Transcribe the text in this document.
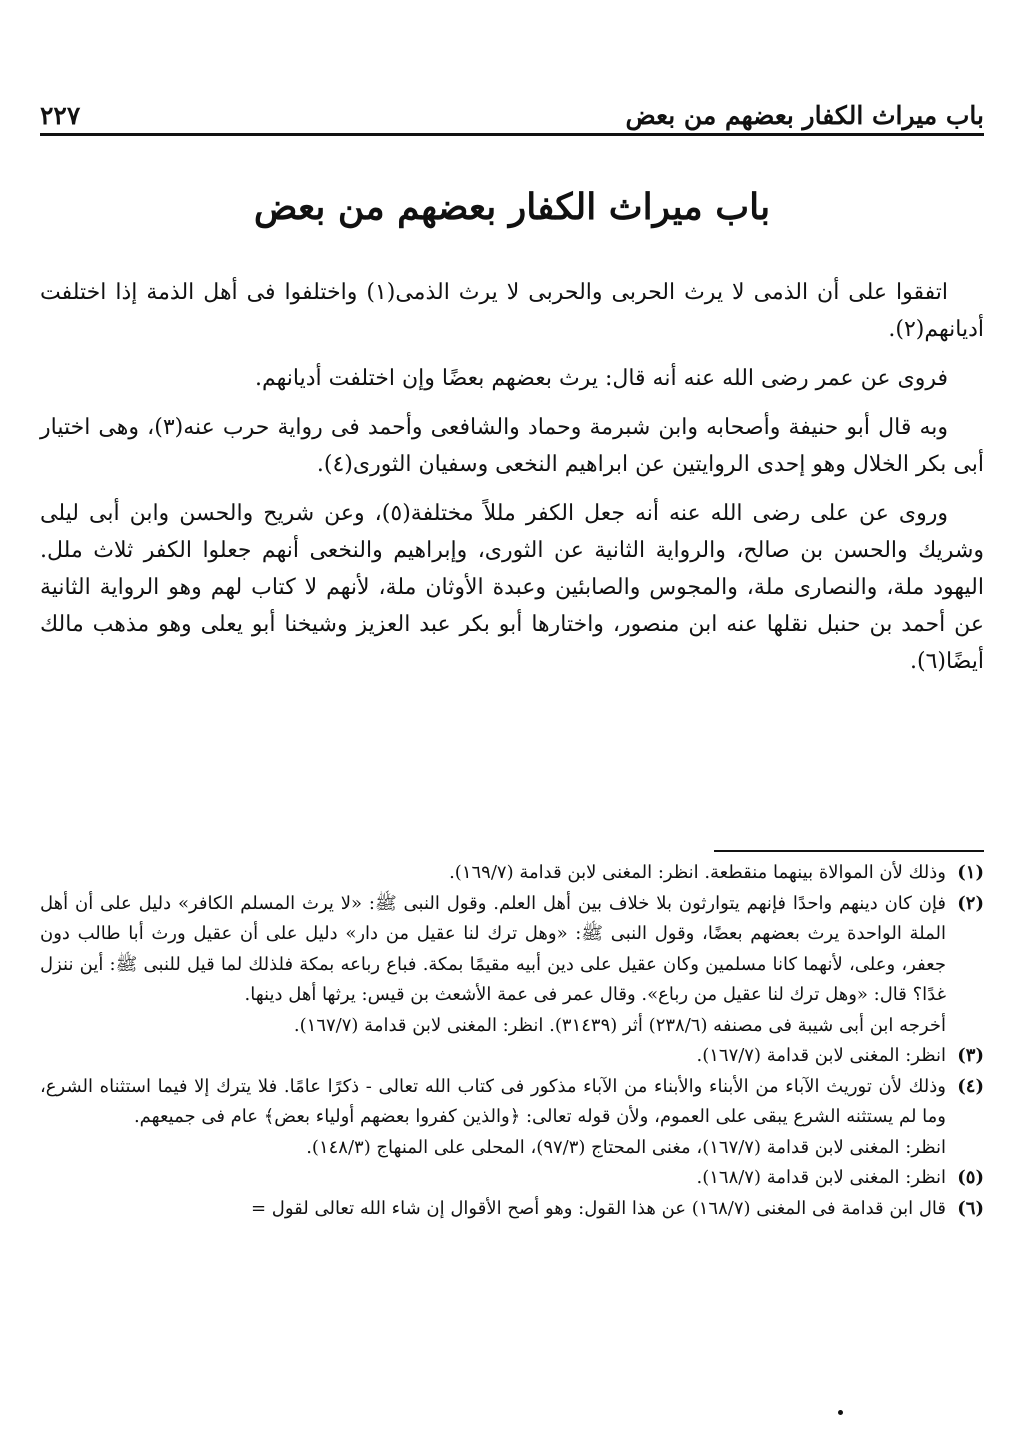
باب ميراث الكفار بعضهم من بعض
٢٢٧
باب ميراث الكفار بعضهم من بعض

اتفقوا على أن الذمى لا يرث الحربى والحربى لا يرث الذمى(١) واختلفوا فى أهل الذمة إذا اختلفت أديانهم(٢).

فروى عن عمر رضى الله عنه أنه قال: يرث بعضهم بعضًا وإن اختلفت أديانهم.

وبه قال أبو حنيفة وأصحابه وابن شبرمة وحماد والشافعى وأحمد فى رواية حرب عنه(٣)، وهى اختيار أبى بكر الخلال وهو إحدى الروايتين عن ابراهيم النخعى وسفيان الثورى(٤).

وروى عن على رضى الله عنه أنه جعل الكفر مللاً مختلفة(٥)، وعن شريح والحسن وابن أبى ليلى وشريك والحسن بن صالح، والرواية الثانية عن الثورى، وإبراهيم والنخعى أنهم جعلوا الكفر ثلاث ملل. اليهود ملة، والنصارى ملة، والمجوس والصابئين وعبدة الأوثان ملة، لأنهم لا كتاب لهم وهو الرواية الثانية عن أحمد بن حنبل نقلها عنه ابن منصور، واختارها أبو بكر عبد العزيز وشيخنا أبو يعلى وهو مذهب مالك أيضًا(٦).

(١)
وذلك لأن الموالاة بينهما منقطعة. انظر: المغنى لابن قدامة (١٦٩/٧).
(٢)
فإن كان دينهم واحدًا فإنهم يتوارثون بلا خلاف بين أهل العلم. وقول النبى ﷺ: «لا يرث المسلم الكافر» دليل على أن أهل الملة الواحدة يرث بعضهم بعضًا، وقول النبى ﷺ: «وهل ترك لنا عقيل من دار» دليل على أن عقيل ورث أبا طالب دون جعفر، وعلى، لأنهما كانا مسلمين وكان عقيل على دين أبيه مقيمًا بمكة. فباع رباعه بمكة فلذلك لما قيل للنبى ﷺ: أين ننزل غدًا؟ قال: «وهل ترك لنا عقيل من رباع». وقال عمر فى عمة الأشعث بن قيس: يرثها أهل دينها.
أخرجه ابن أبى شيبة فى مصنفه (٢٣٨/٦) أثر (٣١٤٣٩). انظر: المغنى لابن قدامة (١٦٧/٧).
(٣)
انظر: المغنى لابن قدامة (١٦٧/٧).
(٤)
وذلك لأن توريث الآباء من الأبناء والأبناء من الآباء مذكور فى كتاب الله تعالى - ذكرًا عامًا. فلا يترك إلا فيما استثناه الشرع، وما لم يستثنه الشرع يبقى على العموم، ولأن قوله تعالى: ﴿والذين كفروا بعضهم أولياء بعض﴾ عام فى جميعهم.
انظر: المغنى لابن قدامة (١٦٧/٧)، مغنى المحتاج (٩٧/٣)، المحلى على المنهاج (١٤٨/٣).
(٥)
انظر: المغنى لابن قدامة (١٦٨/٧).
(٦)
قال ابن قدامة فى المغنى (١٦٨/٧) عن هذا القول: وهو أصح الأقوال إن شاء الله تعالى لقول =
